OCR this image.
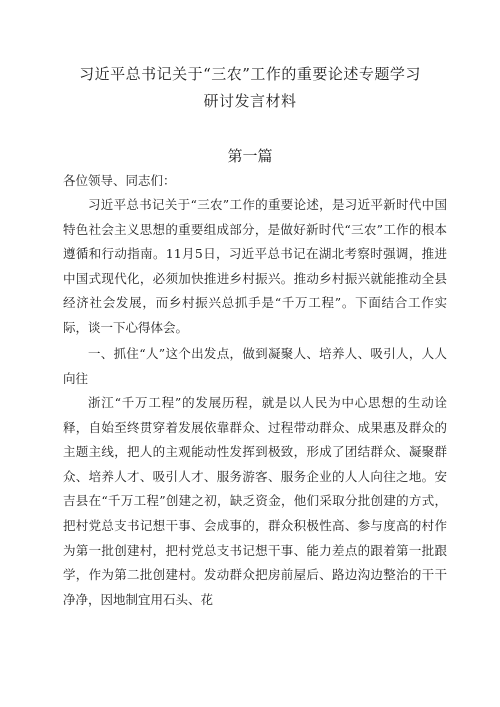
习近平总书记关于“三农”工作的重要论述专题学习
研讨发言材料
第一篇
各位领导、同志们：

习近平总书记关于“三农”工作的重要论述，是习近平新时代中国特色社会主义思想的重要组成部分，是做好新时代“三农”工作的根本遵循和行动指南。11月5日，习近平总书记在湖北考察时强调，推进中国式现代化，必须加快推进乡村振兴。推动乡村振兴就能推动全县经济社会发展，而乡村振兴总抓手是“千万工程”。下面结合工作实际，谈一下心得体会。

一、抓住“人”这个出发点，做到凝聚人、培养人、吸引人，人人向往

浙江“千万工程”的发展历程，就是以人民为中心思想的生动诠释，自始至终贯穿着发展依靠群众、过程带动群众、成果惠及群众的主题主线，把人的主观能动性发挥到极致，形成了团结群众、凝聚群众、培养人才、吸引人才、服务游客、服务企业的人人向往之地。安吉县在“千万工程”创建之初，缺乏资金，他们采取分批创建的方式，把村党总支书记想干事、会成事的，群众积极性高、参与度高的村作为第一批创建村，把村党总支书记想干事、能力差点的跟着第一批跟学，作为第二批创建村。发动群众把房前屋后、路边沟边整治的干干净净，因地制宜用石头、花
